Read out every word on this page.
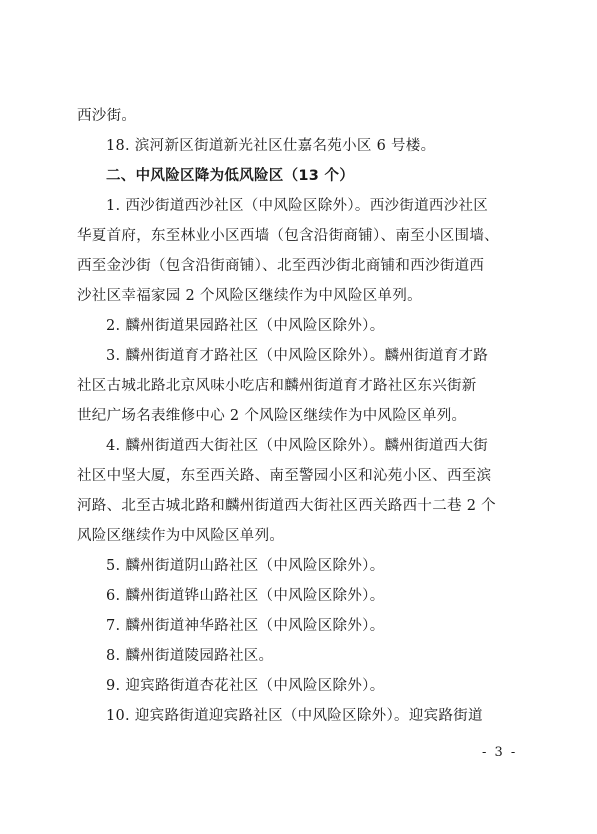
西沙街。
18. 滨河新区街道新光社区仕嘉名苑小区 6 号楼。
二、中风险区降为低风险区（13 个）
1. 西沙街道西沙社区（中风险区除外）。西沙街道西沙社区
华夏首府，东至林业小区西墙（包含沿街商铺）、南至小区围墙、
西至金沙街（包含沿街商铺）、北至西沙街北商铺和西沙街道西
沙社区幸福家园 2 个风险区继续作为中风险区单列。
2. 麟州街道果园路社区（中风险区除外）。
3. 麟州街道育才路社区（中风险区除外）。麟州街道育才路
社区古城北路北京风味小吃店和麟州街道育才路社区东兴街新
世纪广场名表维修中心 2 个风险区继续作为中风险区单列。
4. 麟州街道西大街社区（中风险区除外）。麟州街道西大街
社区中坚大厦，东至西关路、南至警园小区和沁苑小区、西至滨
河路、北至古城北路和麟州街道西大街社区西关路西十二巷 2 个
风险区继续作为中风险区单列。
5. 麟州街道阴山路社区（中风险区除外）。
6. 麟州街道铧山路社区（中风险区除外）。
7. 麟州街道神华路社区（中风险区除外）。
8. 麟州街道陵园路社区。
9. 迎宾路街道杏花社区（中风险区除外）。
10. 迎宾路街道迎宾路社区（中风险区除外）。迎宾路街道
- 3 -
